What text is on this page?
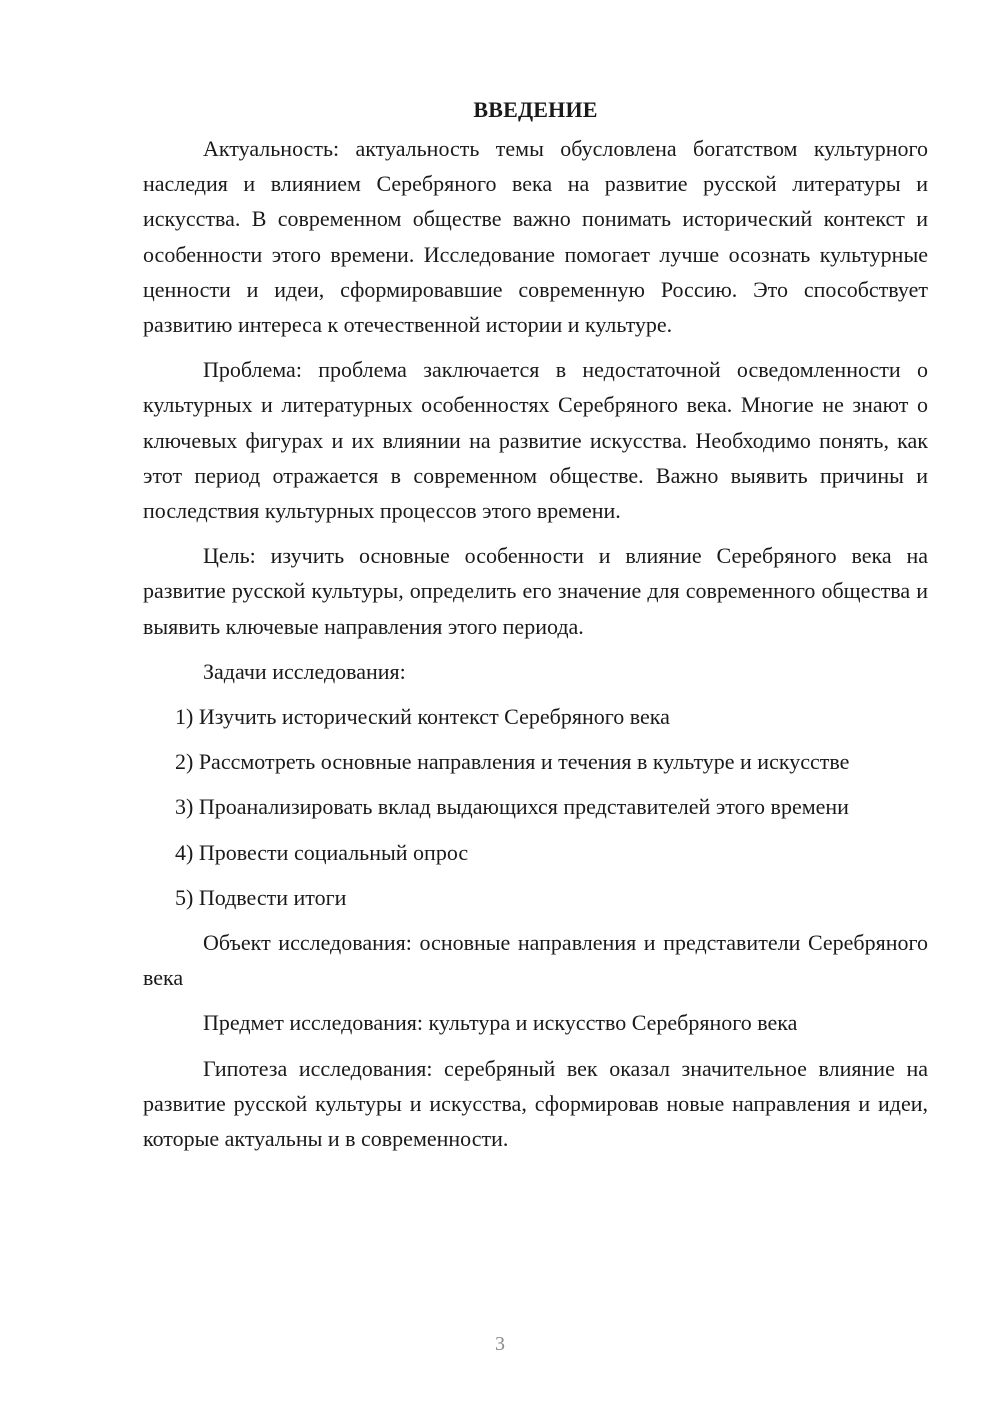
ВВЕДЕНИЕ

Актуальность: актуальность темы обусловлена богатством культурного наследия и влиянием Серебряного века на развитие русской литературы и искусства. В современном обществе важно понимать исторический контекст и особенности этого времени. Исследование помогает лучше осознать культурные ценности и идеи, сформировавшие современную Россию. Это способствует развитию интереса к отечественной истории и культуре.

Проблема: проблема заключается в недостаточной осведомленности о культурных и литературных особенностях Серебряного века. Многие не знают о ключевых фигурах и их влиянии на развитие искусства. Необходимо понять, как этот период отражается в современном обществе. Важно выявить причины и последствия культурных процессов этого времени.

Цель: изучить основные особенности и влияние Серебряного века на развитие русской культуры, определить его значение для современного общества и выявить ключевые направления этого периода.

Задачи исследования:

1) Изучить исторический контекст Серебряного века

2) Рассмотреть основные направления и течения в культуре и искусстве

3) Проанализировать вклад выдающихся представителей этого времени

4) Провести социальный опрос

5) Подвести итоги

Объект исследования: основные направления и представители Серебряного века

Предмет исследования: культура и искусство Серебряного века

Гипотеза исследования: серебряный век оказал значительное влияние на развитие русской культуры и искусства, сформировав новые направления и идеи, которые актуальны и в современности.

3
